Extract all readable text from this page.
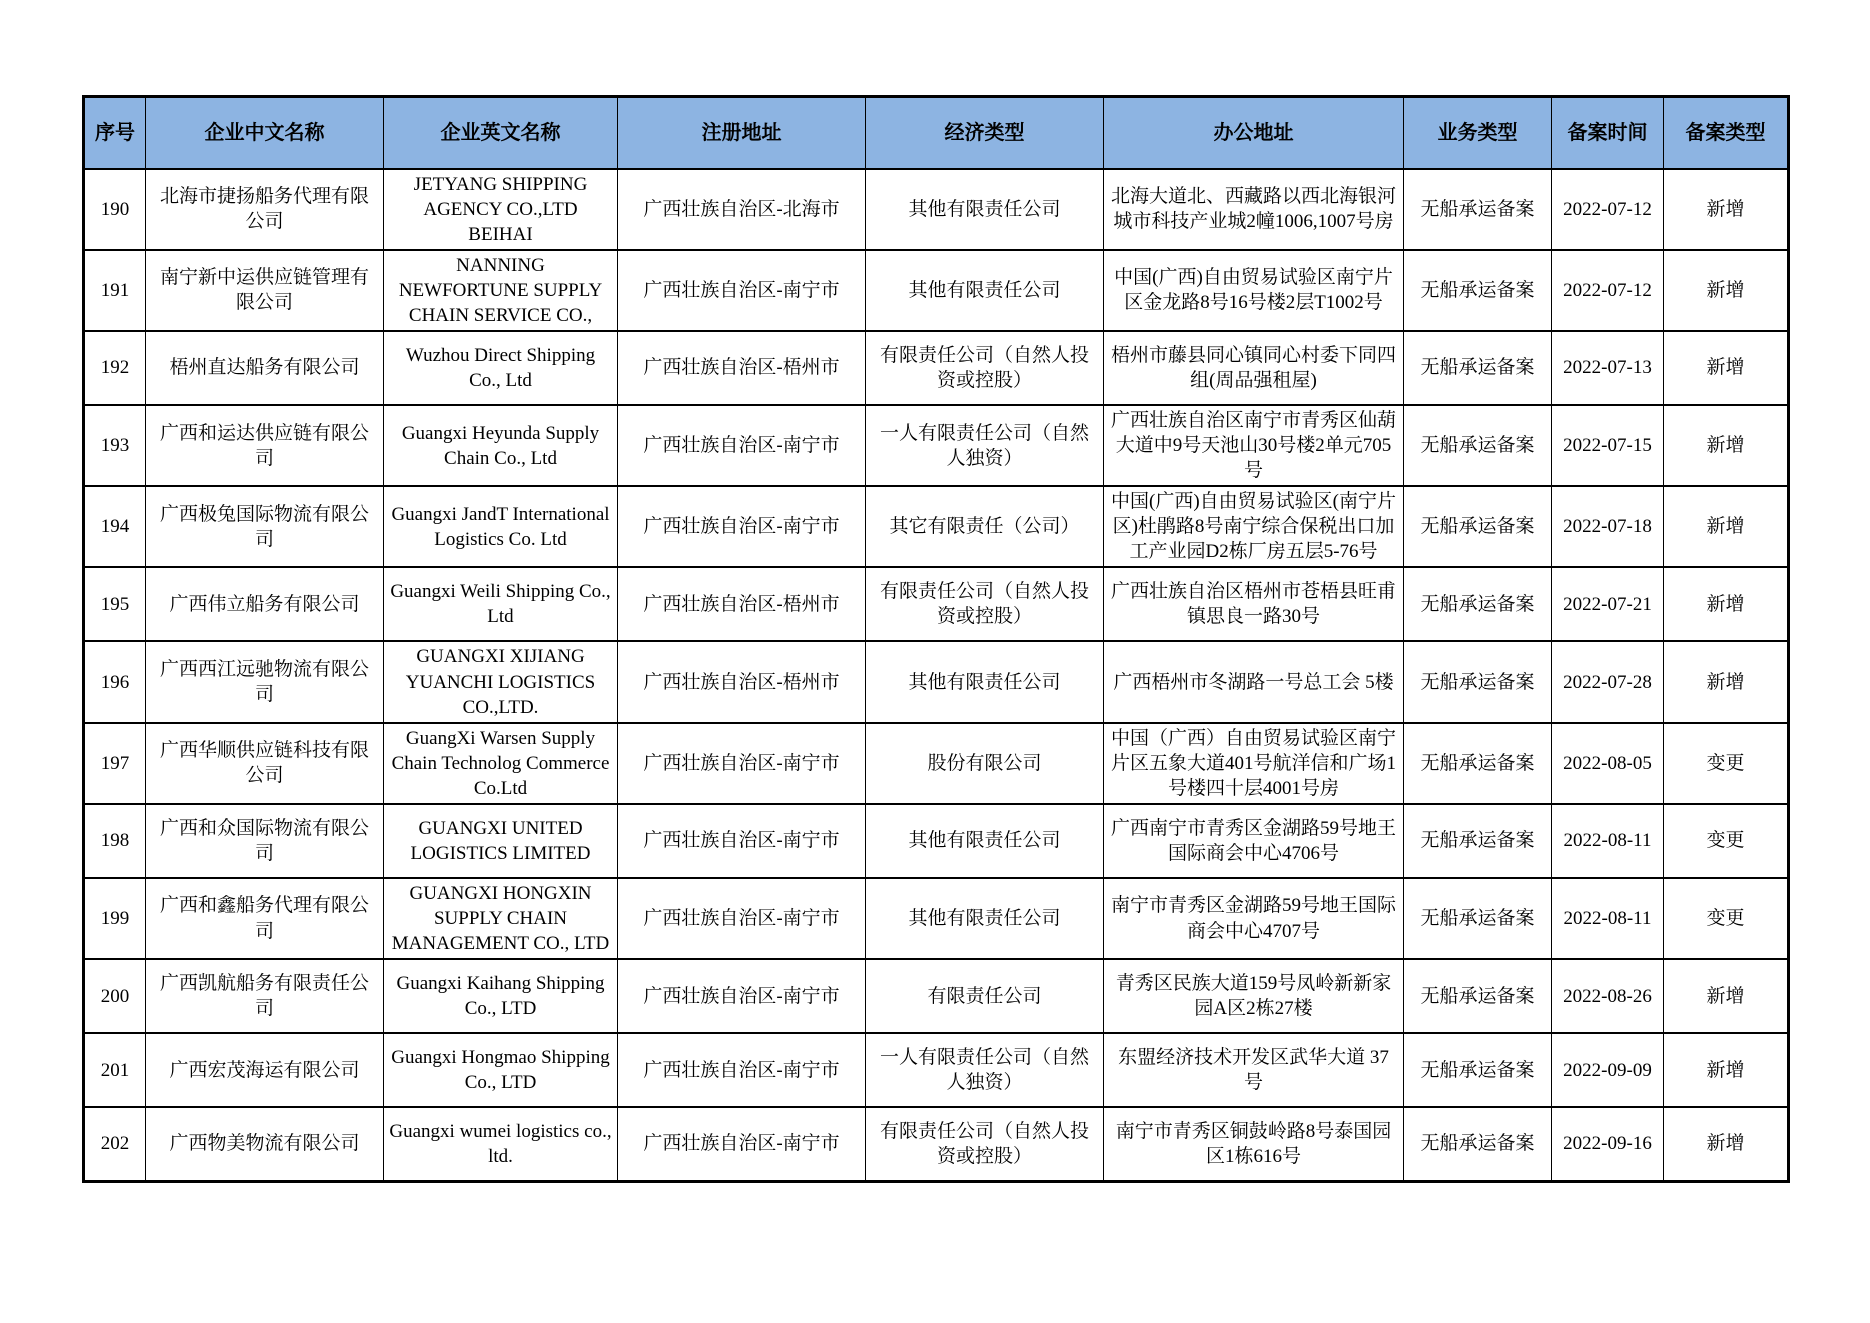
序号	企业中文名称	企业英文名称	注册地址	经济类型	办公地址	业务类型	备案时间	备案类型
190	北海市捷扬船务代理有限公司	JETYANG SHIPPING AGENCY CO.,LTD BEIHAI	广西壮族自治区-北海市	其他有限责任公司	北海大道北、西藏路以西北海银河城市科技产业城2幢1006,1007号房	无船承运备案	2022-07-12	新增
191	南宁新中运供应链管理有限公司	NANNING NEWFORTUNE SUPPLY CHAIN SERVICE CO.,	广西壮族自治区-南宁市	其他有限责任公司	中国(广西)自由贸易试验区南宁片区金龙路8号16号楼2层T1002号	无船承运备案	2022-07-12	新增
192	梧州直达船务有限公司	Wuzhou Direct Shipping Co., Ltd	广西壮族自治区-梧州市	有限责任公司（自然人投资或控股）	梧州市藤县同心镇同心村委下同四组(周品强租屋)	无船承运备案	2022-07-13	新增
193	广西和运达供应链有限公司	Guangxi Heyunda Supply Chain Co., Ltd	广西壮族自治区-南宁市	一人有限责任公司（自然人独资）	广西壮族自治区南宁市青秀区仙葫大道中9号天池山30号楼2单元705号	无船承运备案	2022-07-15	新增
194	广西极兔国际物流有限公司	Guangxi JandT International Logistics Co. Ltd	广西壮族自治区-南宁市	其它有限责任（公司）	中国(广西)自由贸易试验区(南宁片区)杜鹃路8号南宁综合保税出口加工产业园D2栋厂房五层5-76号	无船承运备案	2022-07-18	新增
195	广西伟立船务有限公司	Guangxi Weili Shipping Co., Ltd	广西壮族自治区-梧州市	有限责任公司（自然人投资或控股）	广西壮族自治区梧州市苍梧县旺甫镇思良一路30号	无船承运备案	2022-07-21	新增
196	广西西江远驰物流有限公司	GUANGXI XIJIANG YUANCHI LOGISTICS CO.,LTD.	广西壮族自治区-梧州市	其他有限责任公司	广西梧州市冬湖路一号总工会 5楼	无船承运备案	2022-07-28	新增
197	广西华顺供应链科技有限公司	GuangXi Warsen Supply Chain Technolog Commerce Co.Ltd	广西壮族自治区-南宁市	股份有限公司	中国（广西）自由贸易试验区南宁片区五象大道401号航洋信和广场1号楼四十层4001号房	无船承运备案	2022-08-05	变更
198	广西和众国际物流有限公司	GUANGXI UNITED LOGISTICS LIMITED	广西壮族自治区-南宁市	其他有限责任公司	广西南宁市青秀区金湖路59号地王国际商会中心4706号	无船承运备案	2022-08-11	变更
199	广西和鑫船务代理有限公司	GUANGXI HONGXIN SUPPLY CHAIN MANAGEMENT CO., LTD	广西壮族自治区-南宁市	其他有限责任公司	南宁市青秀区金湖路59号地王国际商会中心4707号	无船承运备案	2022-08-11	变更
200	广西凯航船务有限责任公司	Guangxi Kaihang Shipping Co., LTD	广西壮族自治区-南宁市	有限责任公司	青秀区民族大道159号凤岭新新家园A区2栋27楼	无船承运备案	2022-08-26	新增
201	广西宏茂海运有限公司	Guangxi Hongmao Shipping Co., LTD	广西壮族自治区-南宁市	一人有限责任公司（自然人独资）	东盟经济技术开发区武华大道 37号	无船承运备案	2022-09-09	新增
202	广西物美物流有限公司	Guangxi wumei logistics co., ltd.	广西壮族自治区-南宁市	有限责任公司（自然人投资或控股）	南宁市青秀区铜鼓岭路8号泰国园区1栋616号	无船承运备案	2022-09-16	新增
